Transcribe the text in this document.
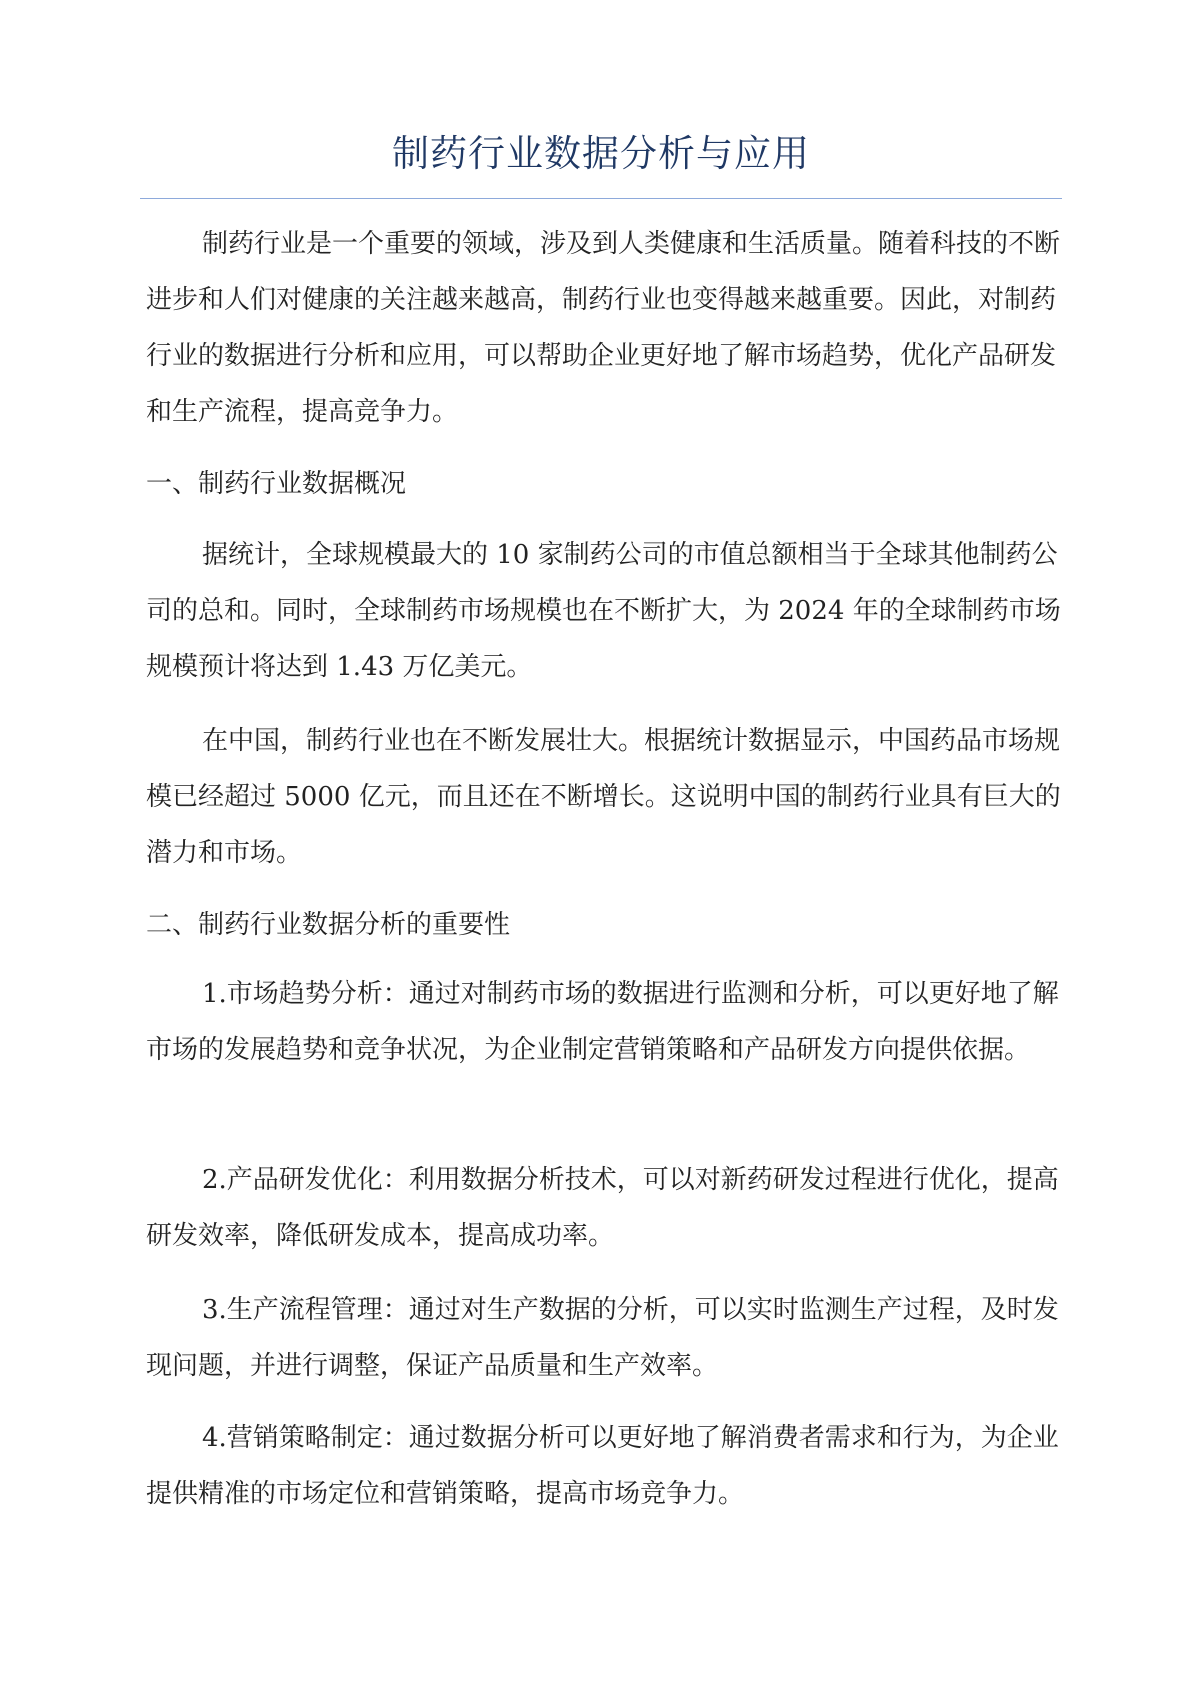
制药行业数据分析与应用

制药行业是一个重要的领域，涉及到人类健康和生活质量。随着科技的不断进步和人们对健康的关注越来越高，制药行业也变得越来越重要。因此，对制药行业的数据进行分析和应用，可以帮助企业更好地了解市场趋势，优化产品研发和生产流程，提高竞争力。

一、制药行业数据概况

据统计，全球规模最大的 10 家制药公司的市值总额相当于全球其他制药公司的总和。同时，全球制药市场规模也在不断扩大，为 2024 年的全球制药市场规模预计将达到 1.43 万亿美元。

在中国，制药行业也在不断发展壮大。根据统计数据显示，中国药品市场规模已经超过 5000 亿元，而且还在不断增长。这说明中国的制药行业具有巨大的潜力和市场。

二、制药行业数据分析的重要性

1.市场趋势分析：通过对制药市场的数据进行监测和分析，可以更好地了解市场的发展趋势和竞争状况，为企业制定营销策略和产品研发方向提供依据。

2.产品研发优化：利用数据分析技术，可以对新药研发过程进行优化，提高研发效率，降低研发成本，提高成功率。

3.生产流程管理：通过对生产数据的分析，可以实时监测生产过程，及时发现问题，并进行调整，保证产品质量和生产效率。

4.营销策略制定：通过数据分析可以更好地了解消费者需求和行为，为企业提供精准的市场定位和营销策略，提高市场竞争力。
